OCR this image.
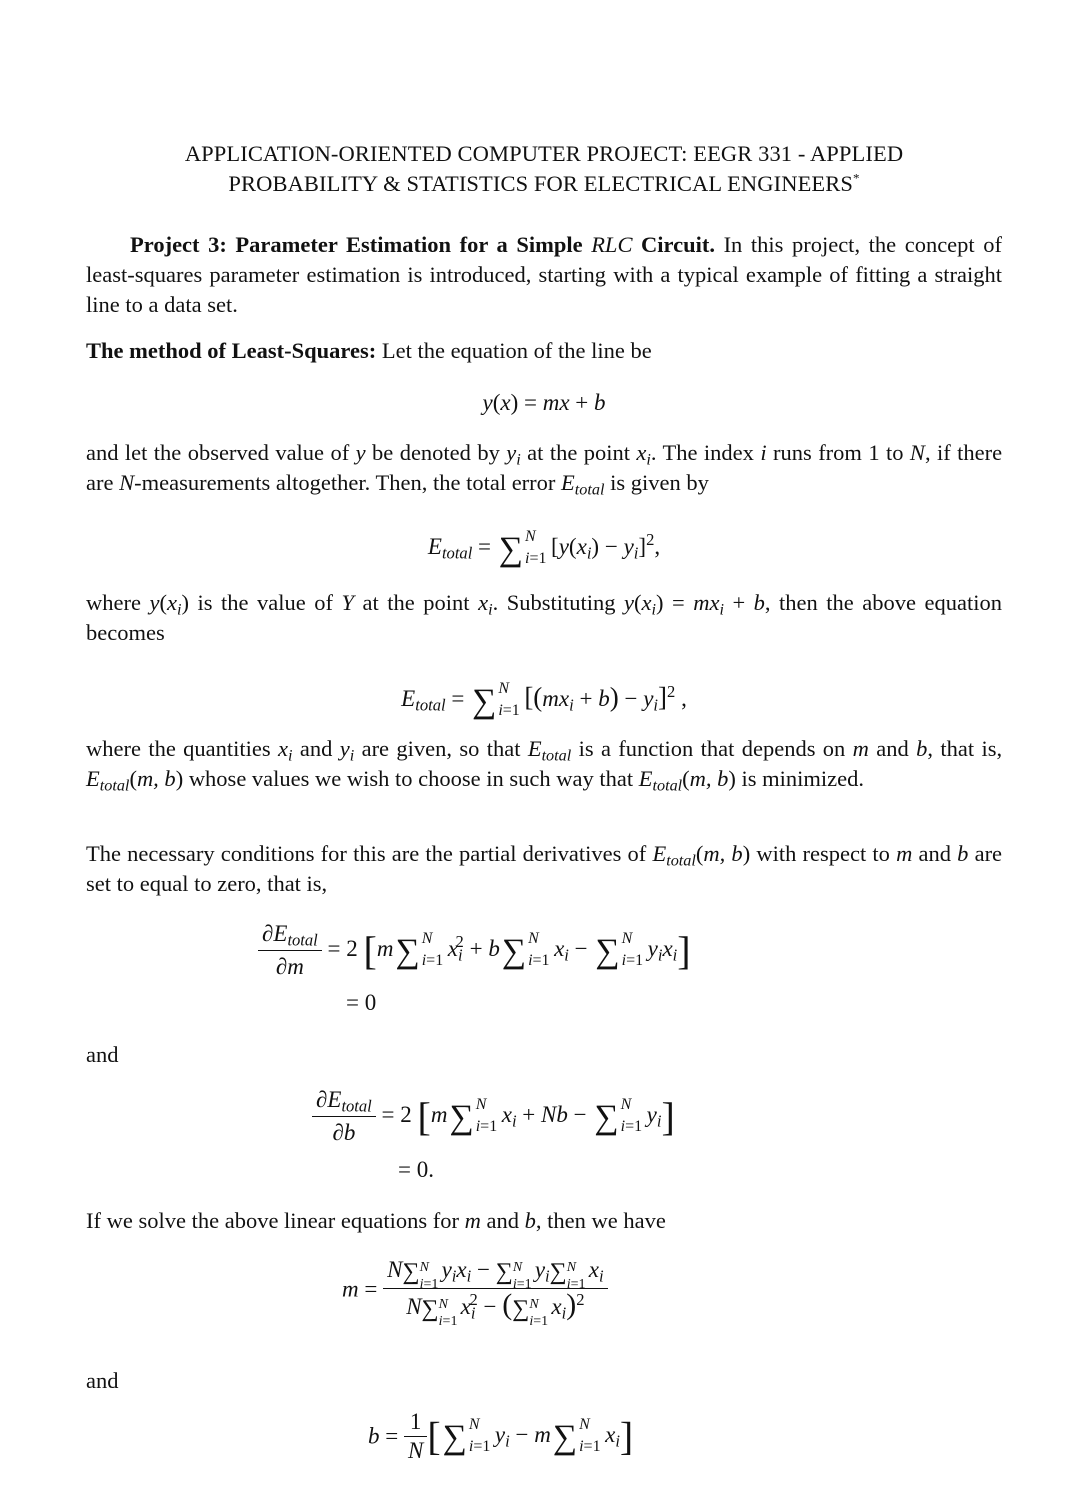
APPLICATION-ORIENTED COMPUTER PROJECT: EEGR 331 - APPLIED
PROBABILITY & STATISTICS FOR ELECTRICAL ENGINEERS*
Project 3: Parameter Estimation for a Simple RLC Circuit. In this project, the concept of least-squares parameter estimation is introduced, starting with a typical example of fitting a straight line to a data set.
The method of Least-Squares: Let the equation of the line be
y(x) = mx + b
and let the observed value of y be denoted by $y_i$ at the point $x_i$. The index i runs from 1 to N, if there are N-measurements altogether. Then, the total error $E_{total}$ is given by
$E_{total}$ = ∑ N
i=1 $[y(x_i) - y_i]^2$,
where $y(x_i)$ is the value of Y at the point $x_i$. Substituting $y(x_i) = mx_i + b$, then the above equation becomes
$E_{total}$ = ∑ N
i=1 $[(mx_i + b) - y_i]^2$ ,
where the quantities $x_i$ and $y_i$ are given, so that $E_{total}$ is a function that depends on m and b, that is, $E_{total}(m$, b) whose values we wish to choose in such way that $E_{total}(m$, b) is minimized.
The necessary conditions for this are the partial derivatives of $E_{total}(m$, b) with respect to m and b are set to equal to zero, that is,
$\frac{\partial E_{total}}{\partial m} = 2$ [m∑ N
i=1 $x_i^2 + b\sum$ N
i=1 $x_i$ − ∑ N
i=1 $y_ix_i$]
= 0
and
$\frac{\partial E_{total}}{\partial b} = 2$ [m∑ N
i=1 $x_i + Nb$ − ∑ N
i=1 $y_i$]
= 0.
If we solve the above linear equations for m and b, then we have
m = N∑ N
i=1
$y_ix_i$ − ∑ N
i=1
$y_i\sum$ N
i=1
$x_i$
N∑ N
i=1
$x_i^2$ − (∑ N
i=1
$x_i)^2$
and
$b = \frac{1}{N}$ [∑ N
i=1 $y_i - m\sum$ N
i=1 $x_i$]
